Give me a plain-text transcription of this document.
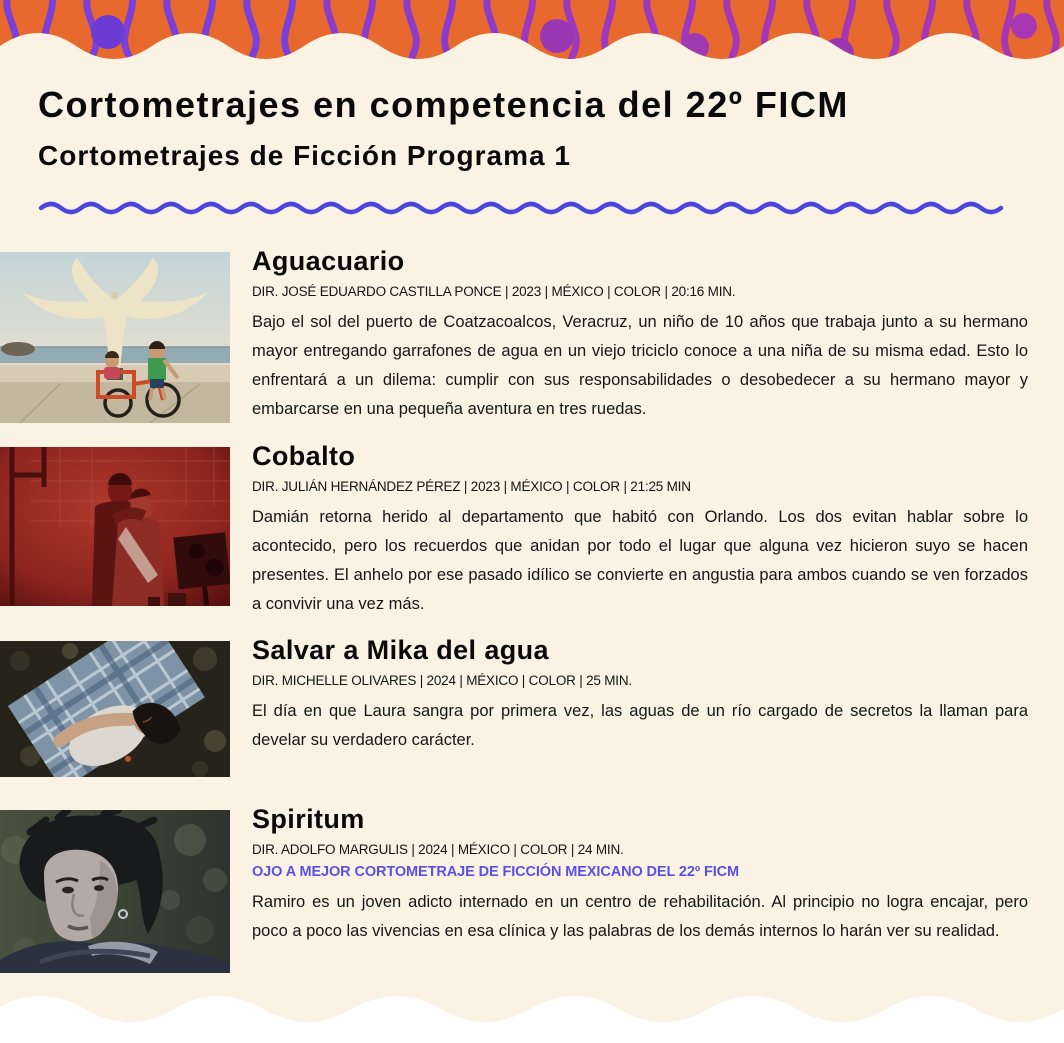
Cortometrajes en competencia del 22º FICM
Cortometrajes de Ficción Programa 1
Aguacuario

DIR. JOSÉ EDUARDO CASTILLA PONCE | 2023 | MÉXICO | COLOR | 20:16 MIN.

Bajo el sol del puerto de Coatzacoalcos, Veracruz, un niño de 10 años que trabaja junto a su hermano mayor entregando garrafones de agua en un viejo triciclo conoce a una niña de su misma edad. Esto lo enfrentará a un dilema: cumplir con sus responsabilidades o desobedecer a su hermano mayor y embarcarse en una pequeña aventura en tres ruedas.

Cobalto

DIR. JULIÁN HERNÁNDEZ PÉREZ | 2023 | MÉXICO | COLOR | 21:25 MIN

Damián retorna herido al departamento que habitó con Orlando. Los dos evitan hablar sobre lo acontecido, pero los recuerdos que anidan por todo el lugar que alguna vez hicieron suyo se hacen presentes. El anhelo por ese pasado idílico se convierte en angustia para ambos cuando se ven forzados a convivir una vez más.

Salvar a Mika del agua

DIR. MICHELLE OLIVARES | 2024 | MÉXICO | COLOR | 25 MIN.

El día en que Laura sangra por primera vez, las aguas de un río cargado de secretos la llaman para develar su verdadero carácter.

Spiritum

DIR. ADOLFO MARGULIS | 2024 | MÉXICO | COLOR | 24 MIN.

OJO A MEJOR CORTOMETRAJE DE FICCIÓN MEXICANO DEL 22º FICM

Ramiro es un joven adicto internado en un centro de rehabilitación. Al principio no logra encajar, pero poco a poco las vivencias en esa clínica y las palabras de los demás internos lo harán ver su realidad.
